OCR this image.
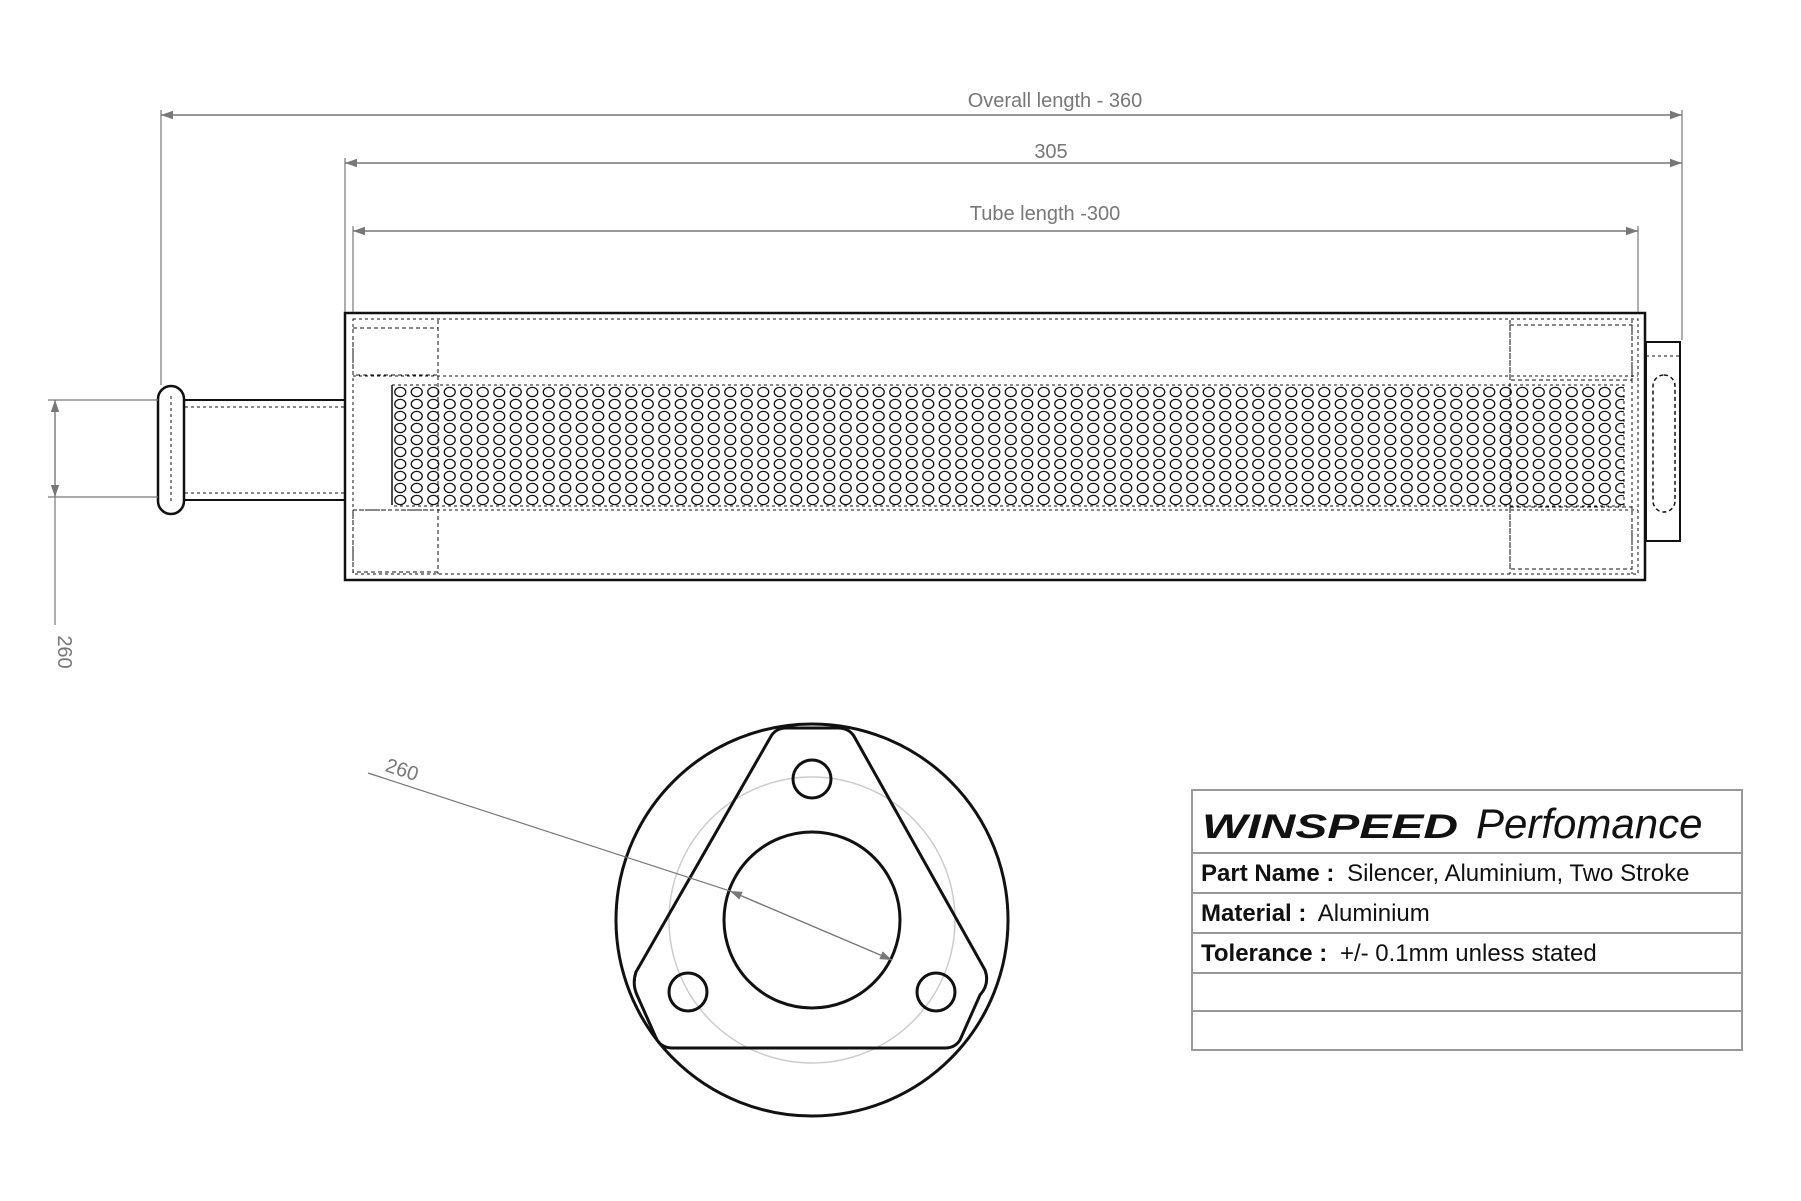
Overall length - 360
305
Tube length -300
260
260
WINSPEED Perfomance
Part Name : Silencer, Aluminium, Two Stroke
Material : Aluminium
Tolerance : +/- 0.1mm unless stated
